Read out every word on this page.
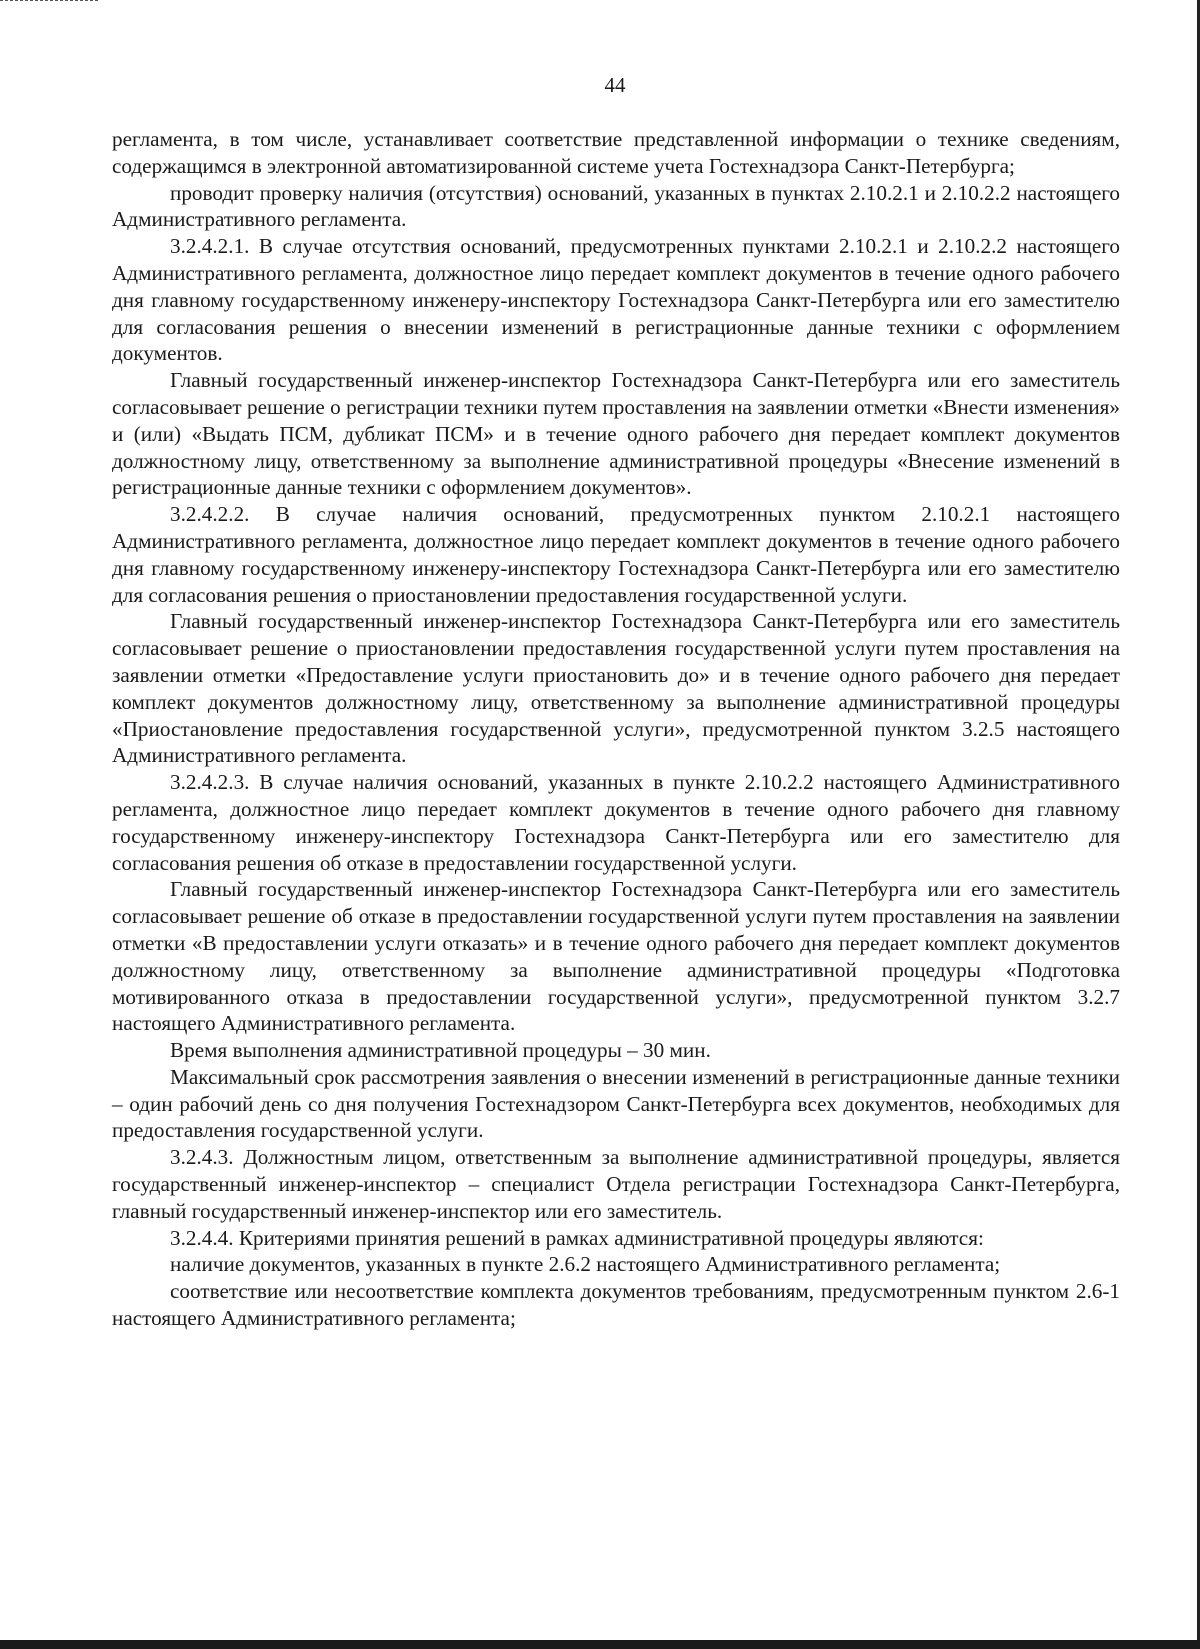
44

регламента, в том числе, устанавливает соответствие представленной информации о технике сведениям, содержащимся в электронной автоматизированной системе учета Гостехнадзора Санкт-Петербурга;

проводит проверку наличия (отсутствия) оснований, указанных в пунктах 2.10.2.1 и 2.10.2.2 настоящего Административного регламента.

3.2.4.2.1. В случае отсутствия оснований, предусмотренных пунктами 2.10.2.1 и 2.10.2.2 настоящего Административного регламента, должностное лицо передает комплект документов в течение одного рабочего дня главному государственному инженеру-инспектору Гостехнадзора Санкт-Петербурга или его заместителю для согласования решения о внесении изменений в регистрационные данные техники с оформлением документов.

Главный государственный инженер-инспектор Гостехнадзора Санкт-Петербурга или его заместитель согласовывает решение о регистрации техники путем проставления на заявлении отметки «Внести изменения» и (или) «Выдать ПСМ, дубликат ПСМ» и в течение одного рабочего дня передает комплект документов должностному лицу, ответственному за выполнение административной процедуры «Внесение изменений в регистрационные данные техники с оформлением документов».

3.2.4.2.2. В случае наличия оснований, предусмотренных пунктом 2.10.2.1 настоящего Административного регламента, должностное лицо передает комплект документов в течение одного рабочего дня главному государственному инженеру-инспектору Гостехнадзора Санкт-Петербурга или его заместителю для согласования решения о приостановлении предоставления государственной услуги.

Главный государственный инженер-инспектор Гостехнадзора Санкт-Петербурга или его заместитель согласовывает решение о приостановлении предоставления государственной услуги путем проставления на заявлении отметки «Предоставление услуги приостановить до» и в течение одного рабочего дня передает комплект документов должностному лицу, ответственному за выполнение административной процедуры «Приостановление предоставления государственной услуги», предусмотренной пунктом 3.2.5 настоящего Административного регламента.

3.2.4.2.3. В случае наличия оснований, указанных в пункте 2.10.2.2 настоящего Административного регламента, должностное лицо передает комплект документов в течение одного рабочего дня главному государственному инженеру-инспектору Гостехнадзора Санкт-Петербурга или его заместителю для согласования решения об отказе в предоставлении государственной услуги.

Главный государственный инженер-инспектор Гостехнадзора Санкт-Петербурга или его заместитель согласовывает решение об отказе в предоставлении государственной услуги путем проставления на заявлении отметки «В предоставлении услуги отказать» и в течение одного рабочего дня передает комплект документов должностному лицу, ответственному за выполнение административной процедуры «Подготовка мотивированного отказа в предоставлении государственной услуги», предусмотренной пунктом 3.2.7 настоящего Административного регламента.

Время выполнения административной процедуры – 30 мин.

Максимальный срок рассмотрения заявления о внесении изменений в регистрационные данные техники – один рабочий день со дня получения Гостехнадзором Санкт-Петербурга всех документов, необходимых для предоставления государственной услуги.

3.2.4.3. Должностным лицом, ответственным за выполнение административной процедуры, является государственный инженер-инспектор – специалист Отдела регистрации Гостехнадзора Санкт-Петербурга, главный государственный инженер-инспектор или его заместитель.

3.2.4.4. Критериями принятия решений в рамках административной процедуры являются:

наличие документов, указанных в пункте 2.6.2 настоящего Административного регламента;

соответствие или несоответствие комплекта документов требованиям, предусмотренным пунктом 2.6-1 настоящего Административного регламента;
